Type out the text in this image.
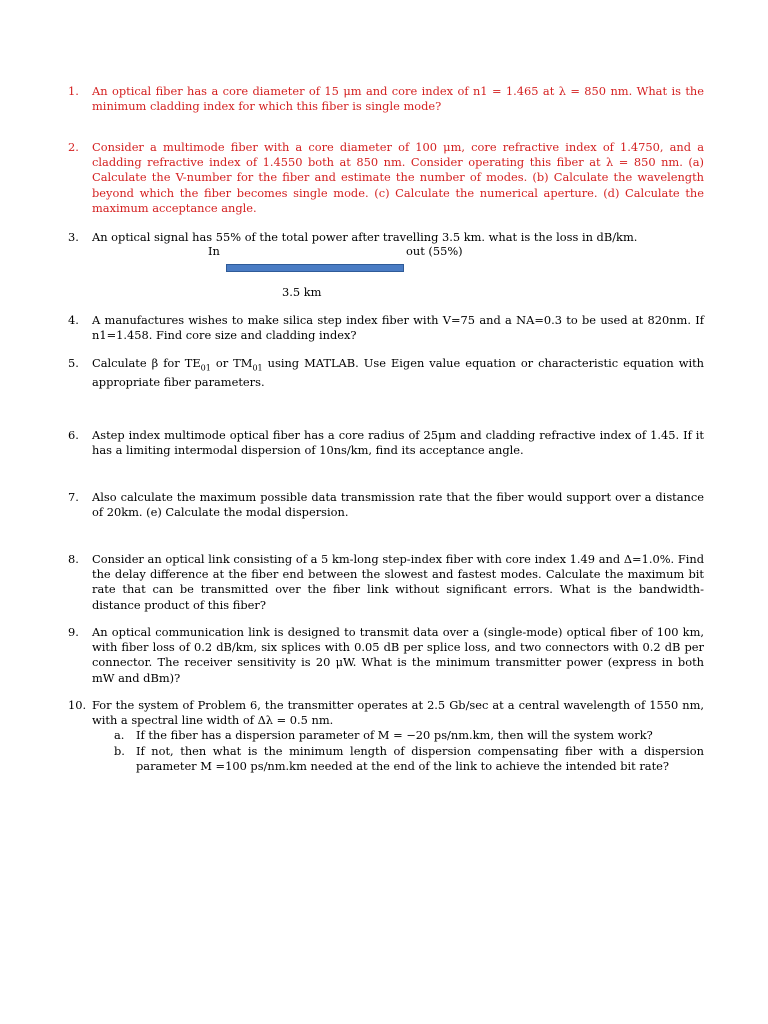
1. An optical fiber has a core diameter of 15 μm and core index of n1 = 1.465 at λ = 850 nm. What is the minimum cladding index for which this fiber is single mode?
2. Consider a multimode fiber with a core diameter of 100 μm, core refractive index of 1.4750, and a cladding refractive index of 1.4550 both at 850 nm. Consider operating this fiber at λ = 850 nm. (a) Calculate the V-number for the fiber and estimate the number of modes. (b) Calculate the wavelength beyond which the fiber becomes single mode. (c) Calculate the numerical aperture. (d) Calculate the maximum acceptance angle.
3. An optical signal has 55% of the total power after travelling 3.5 km. what is the loss in dB/km.
In	out (55%)
3.5 km
4. A manufactures wishes to make silica step index fiber with V=75 and a NA=0.3 to be used at 820nm. If n1=1.458. Find core size and cladding index?
5. Calculate β for $TE_{01}$ or $TM_{01}$ using MATLAB. Use Eigen value equation or characteristic equation with appropriate fiber parameters.
6. Astep index multimode optical fiber has a core radius of 25μm and cladding refractive index of 1.45. If it has a limiting intermodal dispersion of 10ns/km, find its acceptance angle.
7. Also calculate the maximum possible data transmission rate that the fiber would support over a distance of 20km. (e) Calculate the modal dispersion.
8. Consider an optical link consisting of a 5 km-long step-index fiber with core index 1.49 and Δ=1.0%. Find the delay difference at the fiber end between the slowest and fastest modes. Calculate the maximum bit rate that can be transmitted over the fiber link without significant errors. What is the bandwidth-distance product of this fiber?
9. An optical communication link is designed to transmit data over a (single-mode) optical fiber of 100 km, with fiber loss of 0.2 dB/km, six splices with 0.05 dB per splice loss, and two connectors with 0.2 dB per connector. The receiver sensitivity is 20 μW. What is the minimum transmitter power (express in both mW and dBm)?
10. For the system of Problem 6, the transmitter operates at 2.5 Gb/sec at a central wavelength of 1550 nm, with a spectral line width of Δλ = 0.5 nm.
a.	If the fiber has a dispersion parameter of M = −20 ps/nm.km, then will the system work?
b. If not, then what is the minimum length of dispersion compensating fiber with a dispersion parameter M =100 ps/nm.km needed at the end of the link to achieve the intended bit rate?
